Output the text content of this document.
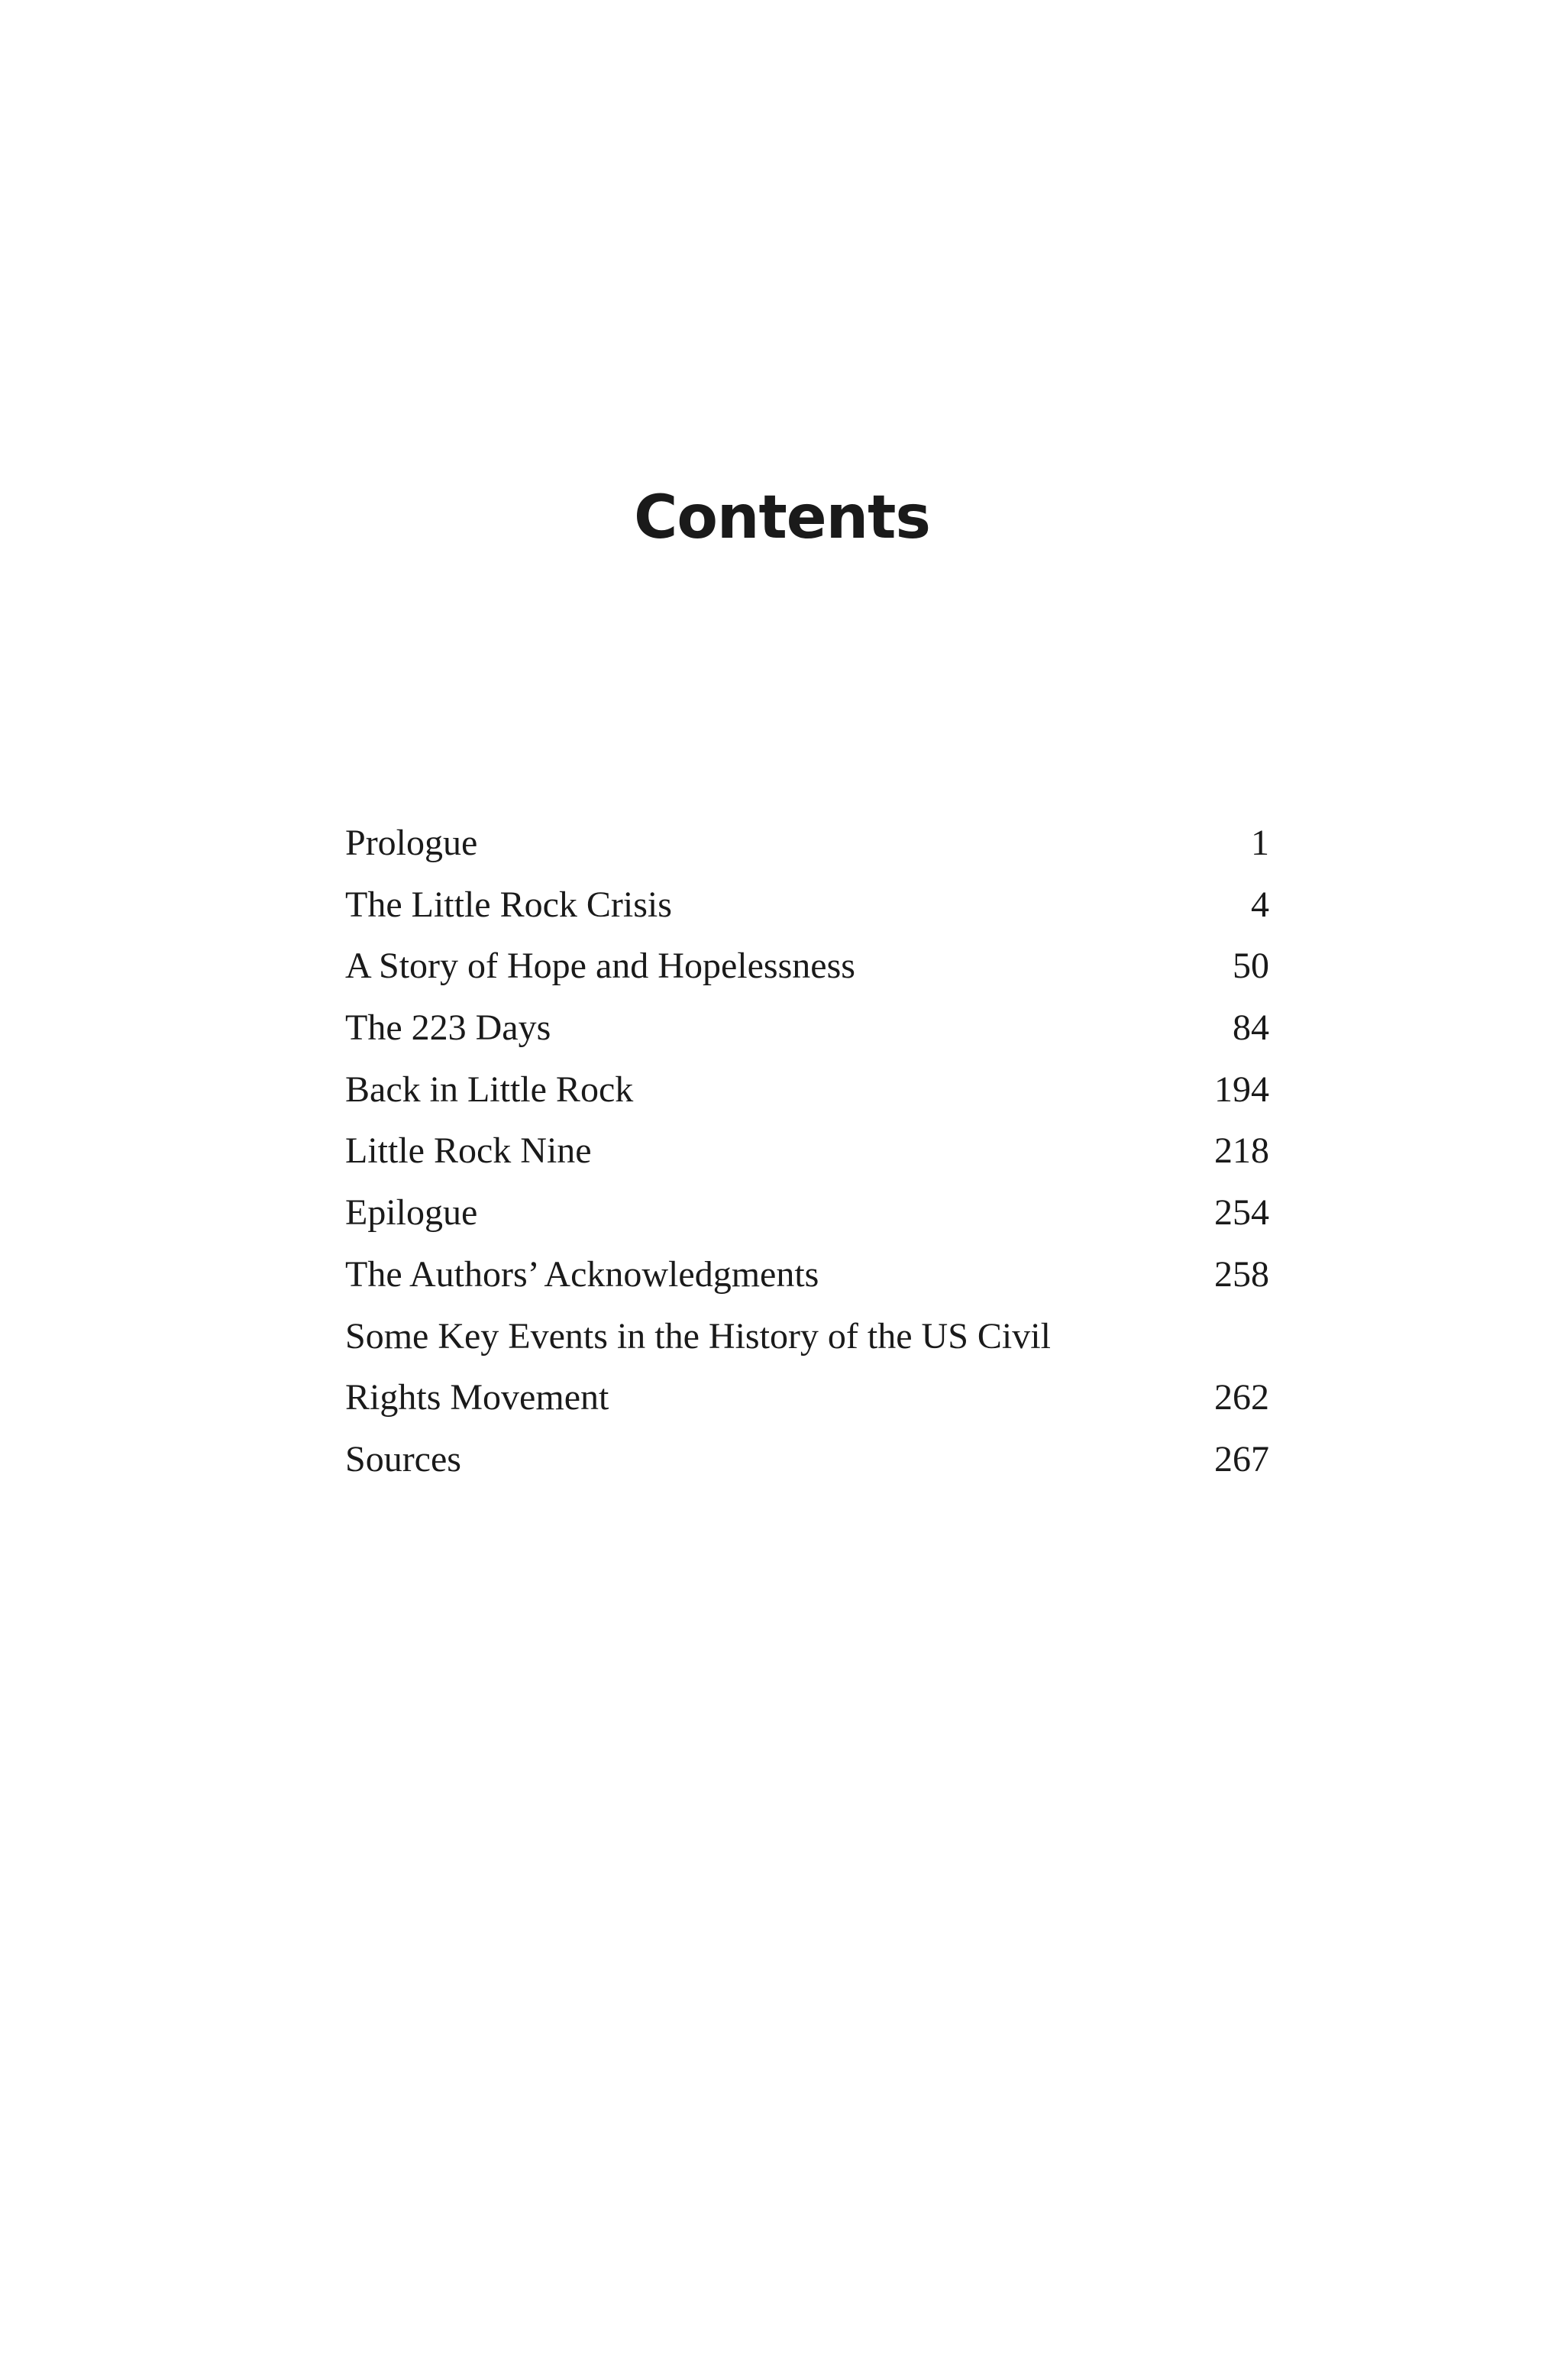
Contents
Prologue	1
The Little Rock Crisis	4
A Story of Hope and Hopelessness	50
The 223 Days	84
Back in Little Rock	194
Little Rock Nine	218
Epilogue	254
The Authors’ Acknowledgments	258
Some Key Events in the History of the US Civil
Rights Movement	262
Sources	267
